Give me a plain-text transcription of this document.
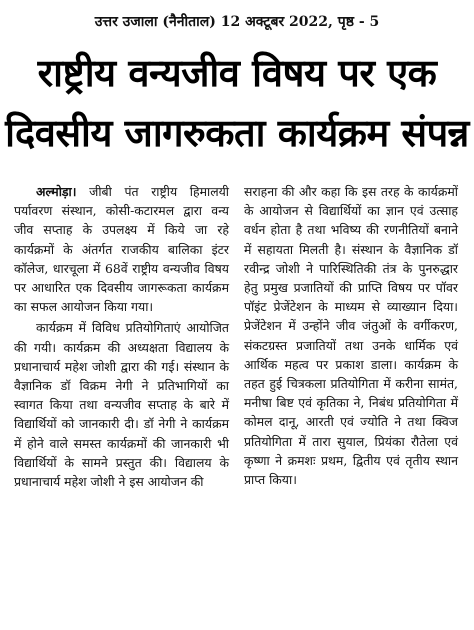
उत्तर उजाला (नैनीताल) 12 अक्टूबर 2022, पृष्ठ - 5
राष्ट्रीय वन्यजीव विषय पर एक
दिवसीय जागरुकता कार्यक्रम संपन्न

अल्मोड़ा। जीबी पंत राष्ट्रीय हिमालयी पर्यावरण संस्थान, कोसी-कटारमल द्वारा वन्य जीव सप्ताह के उपलक्ष्य में किये जा रहे कार्यक्रमों के अंतर्गत राजकीय बालिका इंटर कॉलेज, धारचूला में 68वें राष्ट्रीय वन्यजीव विषय पर आधारित एक दिवसीय जागरूकता कार्यक्रम का सफल आयोजन किया गया।

कार्यक्रम में विविध प्रतियोगिताएं आयोजित की गयी। कार्यक्रम की अध्यक्षता विद्यालय के प्रधानाचार्य महेश जोशी द्वारा की गई। संस्थान के वैज्ञानिक डॉ विक्रम नेगी ने प्रतिभागियों का स्वागत किया तथा वन्यजीव सप्ताह के बारे में विद्यार्थियों को जानकारी दी। डॉ नेगी ने कार्यक्रम में होने वाले समस्त कार्यक्रमों की जानकारी भी विद्यार्थियों के सामने प्रस्तुत की। विद्यालय के प्रधानाचार्य महेश जोशी ने इस आयोजन की

सराहना की और कहा कि इस तरह के कार्यक्रमों के आयोजन से विद्यार्थियों का ज्ञान एवं उत्साह वर्धन होता है तथा भविष्य की रणनीतियों बनाने में सहायता मिलती है। संस्थान के वैज्ञानिक डॉ रवीन्द्र जोशी ने पारिस्थितिकी तंत्र के पुनरुद्धार हेतु प्रमुख प्रजातियों की प्राप्ति विषय पर पॉवर पॉइंट प्रेजेंटेशन के माध्यम से व्याख्यान दिया। प्रेजेंटेशन में उन्होंने जीव जंतुओं के वर्गीकरण, संकटग्रस्त प्रजातियों तथा उनके धार्मिक एवं आर्थिक महत्व पर प्रकाश डाला। कार्यक्रम के तहत हुई चित्रकला प्रतियोगिता में करीना सामंत, मनीषा बिष्ट एवं कृतिका ने, निबंध प्रतियोगिता में कोमल दानू, आरती एवं ज्योति ने तथा क्विज प्रतियोगिता में तारा सुयाल, प्रियंका रौतेला एवं कृष्णा ने क्रमशः प्रथम, द्वितीय एवं तृतीय स्थान प्राप्त किया।
